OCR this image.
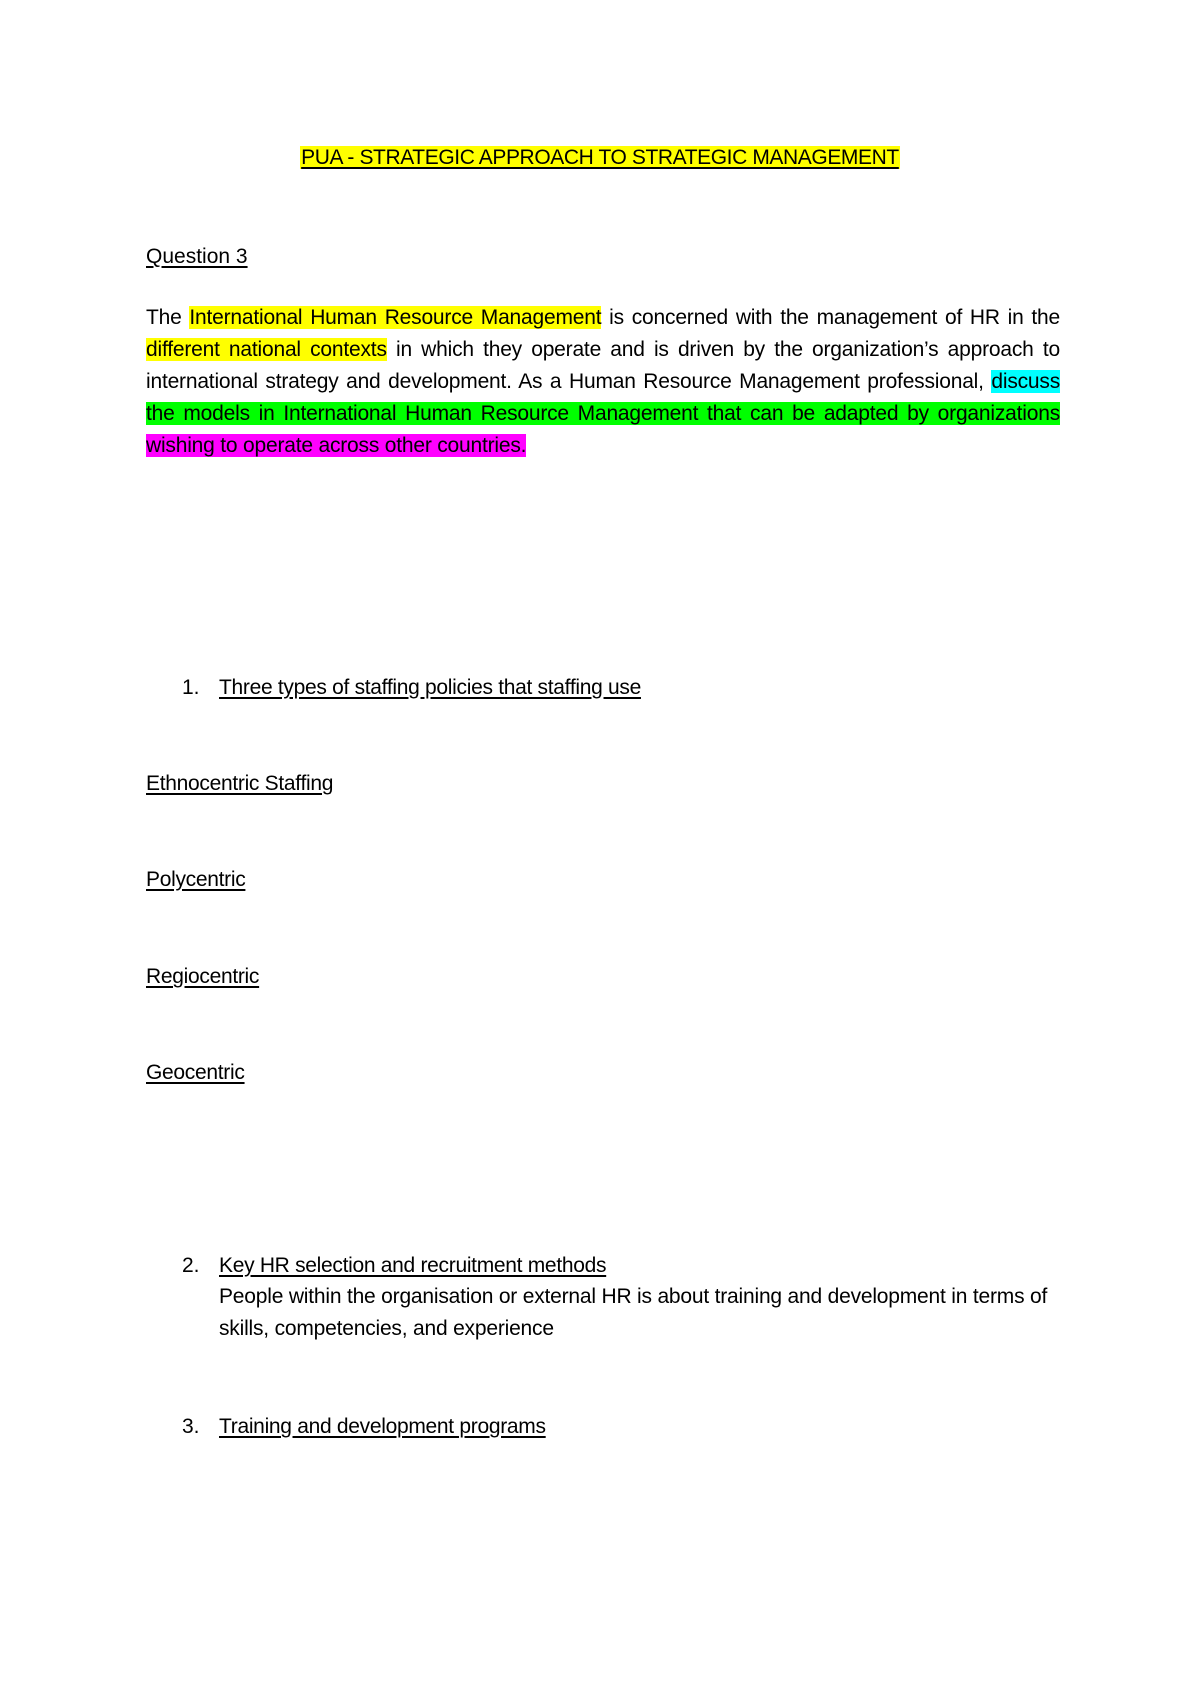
PUA - STRATEGIC APPROACH TO STRATEGIC MANAGEMENT
Question 3
The International Human Resource Management is concerned with the management of HR in the different national contexts in which they operate and is driven by the organization’s approach to international strategy and development. As a Human Resource Management professional, discuss the models in International Human Resource Management that can be adapted by organizations wishing to operate across other countries.
1. Three types of staffing policies that staffing use
Ethnocentric Staffing
Polycentric
Regiocentric
Geocentric
2. Key HR selection and recruitment methods
People within the organisation or external HR is about training and development in terms of skills, competencies, and experience
3. Training and development programs
